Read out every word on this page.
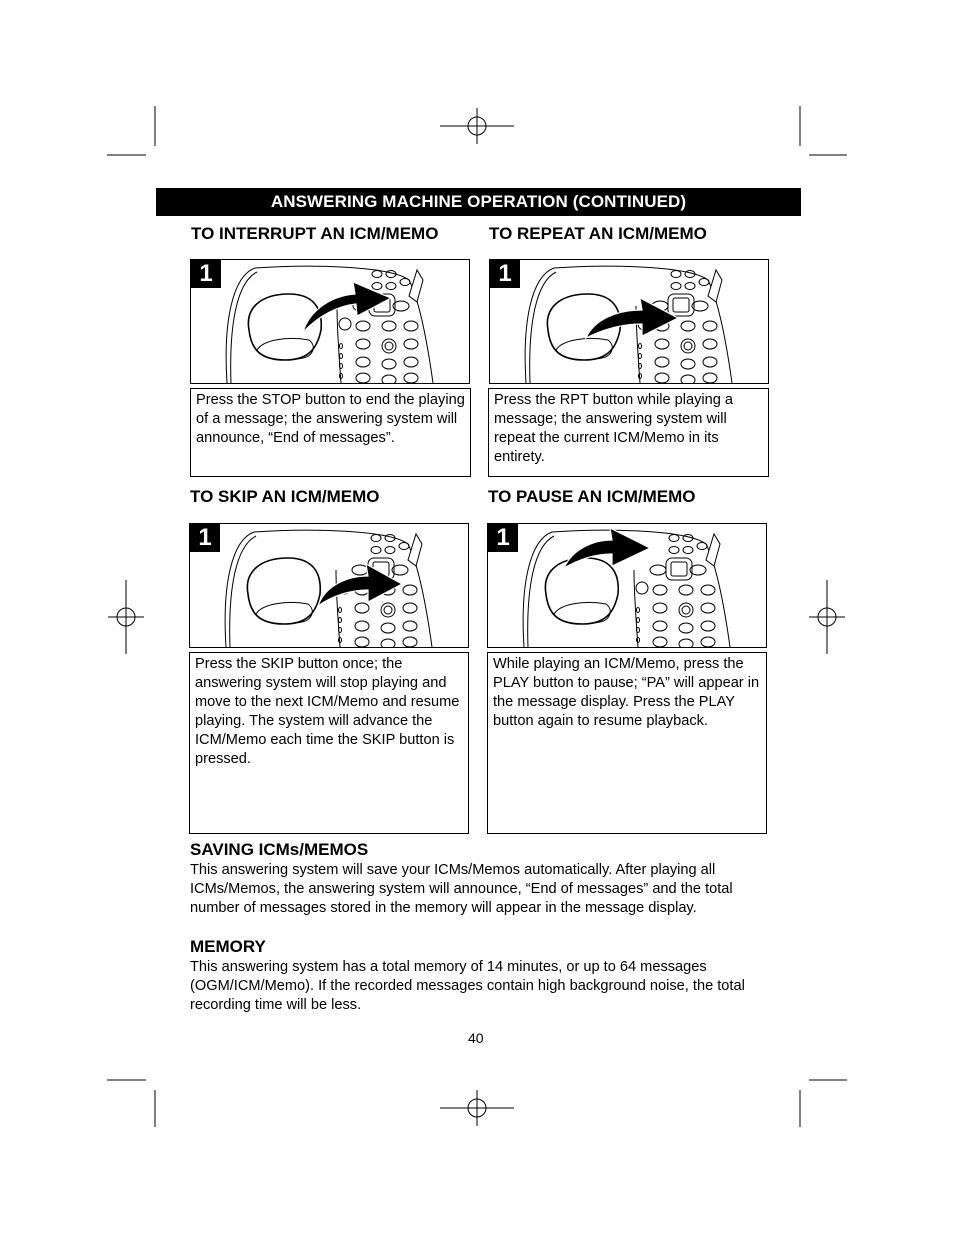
ANSWERING MACHINE OPERATION (CONTINUED)
TO INTERRUPT AN ICM/MEMO	TO REPEAT AN ICM/MEMO
TO SKIP AN ICM/MEMO	TO PAUSE AN ICM/MEMO
1	1
1	1
Press the STOP button to end the playing of a message; the answering system will announce, “End of messages”.
Press the RPT button while playing a message; the answering system will repeat the current ICM/Memo in its entirety.
Press the SKIP button once; the answering system will stop playing and move to the next ICM/Memo and resume playing. The system will advance the ICM/Memo each time the SKIP button is pressed.
While playing an ICM/Memo, press the PLAY button to pause; “PA” will appear in the message display. Press the PLAY button again to resume playback.
SAVING ICMs/MEMOS
This answering system will save your ICMs/Memos automatically. After playing all ICMs/Memos, the answering system will announce, “End of messages” and the total number of messages stored in the memory will appear in the message display.
MEMORY
This answering system has a total memory of 14 minutes, or up to 64 messages (OGM/ICM/Memo). If the recorded messages contain high background noise, the total recording time will be less.
40
